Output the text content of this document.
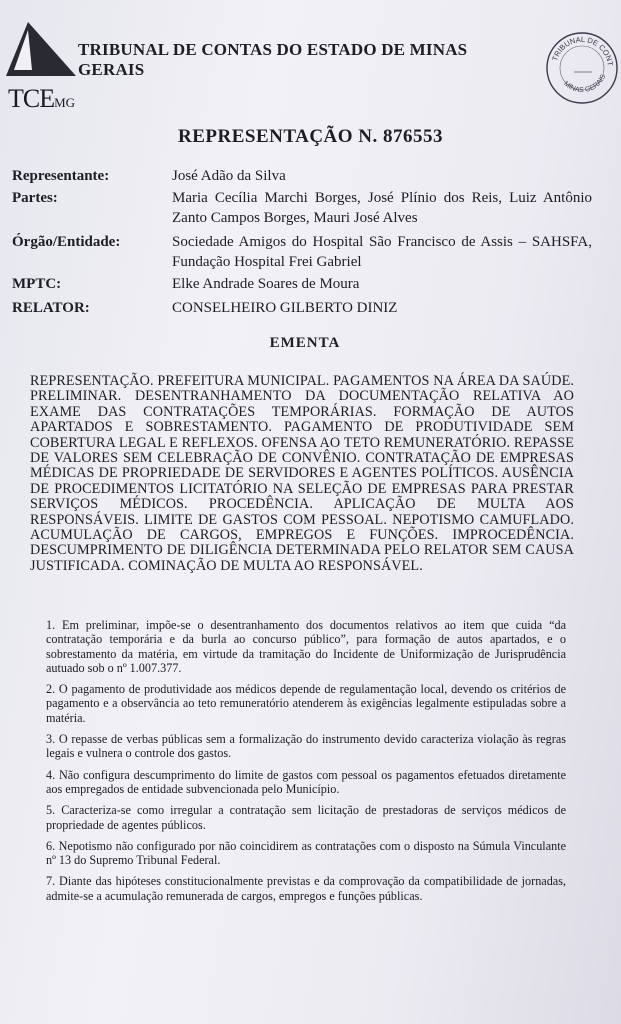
TCEMG
TRIBUNAL DE CONTAS DO ESTADO DE MINAS GERAIS
TRIBUNAL DE CONT
MINAS GERAIS
REPRESENTAÇÃO N. 876553
Representante:	José Adão da Silva
Partes:	Maria Cecília Marchi Borges, José Plínio dos Reis, Luiz Antônio Zanto Campos Borges, Mauri José Alves
Órgão/Entidade:	Sociedade Amigos do Hospital São Francisco de Assis – SAHSFA, Fundação Hospital Frei Gabriel
MPTC:	Elke Andrade Soares de Moura
RELATOR:	CONSELHEIRO GILBERTO DINIZ
EMENTA
REPRESENTAÇÃO. PREFEITURA MUNICIPAL. PAGAMENTOS NA ÁREA DA SAÚDE. PRELIMINAR. DESENTRANHAMENTO DA DOCUMENTAÇÃO RELATIVA AO EXAME DAS CONTRATAÇÕES TEMPORÁRIAS. FORMAÇÃO DE AUTOS APARTADOS E SOBRESTAMENTO. PAGAMENTO DE PRODUTIVIDADE SEM COBERTURA LEGAL E REFLEXOS. OFENSA AO TETO REMUNERATÓRIO. REPASSE DE VALORES SEM CELEBRAÇÃO DE CONVÊNIO. CONTRATAÇÃO DE EMPRESAS MÉDICAS DE PROPRIEDADE DE SERVIDORES E AGENTES POLÍTICOS. AUSÊNCIA DE PROCEDIMENTOS LICITATÓRIO NA SELEÇÃO DE EMPRESAS PARA PRESTAR SERVIÇOS MÉDICOS. PROCEDÊNCIA. APLICAÇÃO DE MULTA AOS RESPONSÁVEIS. LIMITE DE GASTOS COM PESSOAL. NEPOTISMO CAMUFLADO. ACUMULAÇÃO DE CARGOS, EMPREGOS E FUNÇÕES. IMPROCEDÊNCIA. DESCUMPRIMENTO DE DILIGÊNCIA DETERMINADA PELO RELATOR SEM CAUSA JUSTIFICADA. COMINAÇÃO DE MULTA AO RESPONSÁVEL.

1. Em preliminar, impõe-se o desentranhamento dos documentos relativos ao item que cuida “da contratação temporária e da burla ao concurso público”, para formação de autos apartados, e o sobrestamento da matéria, em virtude da tramitação do Incidente de Uniformização de Jurisprudência autuado sob o nº 1.007.377.

2. O pagamento de produtividade aos médicos depende de regulamentação local, devendo os critérios de pagamento e a observância ao teto remuneratório atenderem às exigências legalmente estipuladas sobre a matéria.

3. O repasse de verbas públicas sem a formalização do instrumento devido caracteriza violação às regras legais e vulnera o controle dos gastos.

4. Não configura descumprimento do limite de gastos com pessoal os pagamentos efetuados diretamente aos empregados de entidade subvencionada pelo Município.

5. Caracteriza-se como irregular a contratação sem licitação de prestadoras de serviços médicos de propriedade de agentes públicos.

6. Nepotismo não configurado por não coincidirem as contratações com o disposto na Súmula Vinculante nº 13 do Supremo Tribunal Federal.

7. Diante das hipóteses constitucionalmente previstas e da comprovação da compatibilidade de jornadas, admite-se a acumulação remunerada de cargos, empregos e funções públicas.
